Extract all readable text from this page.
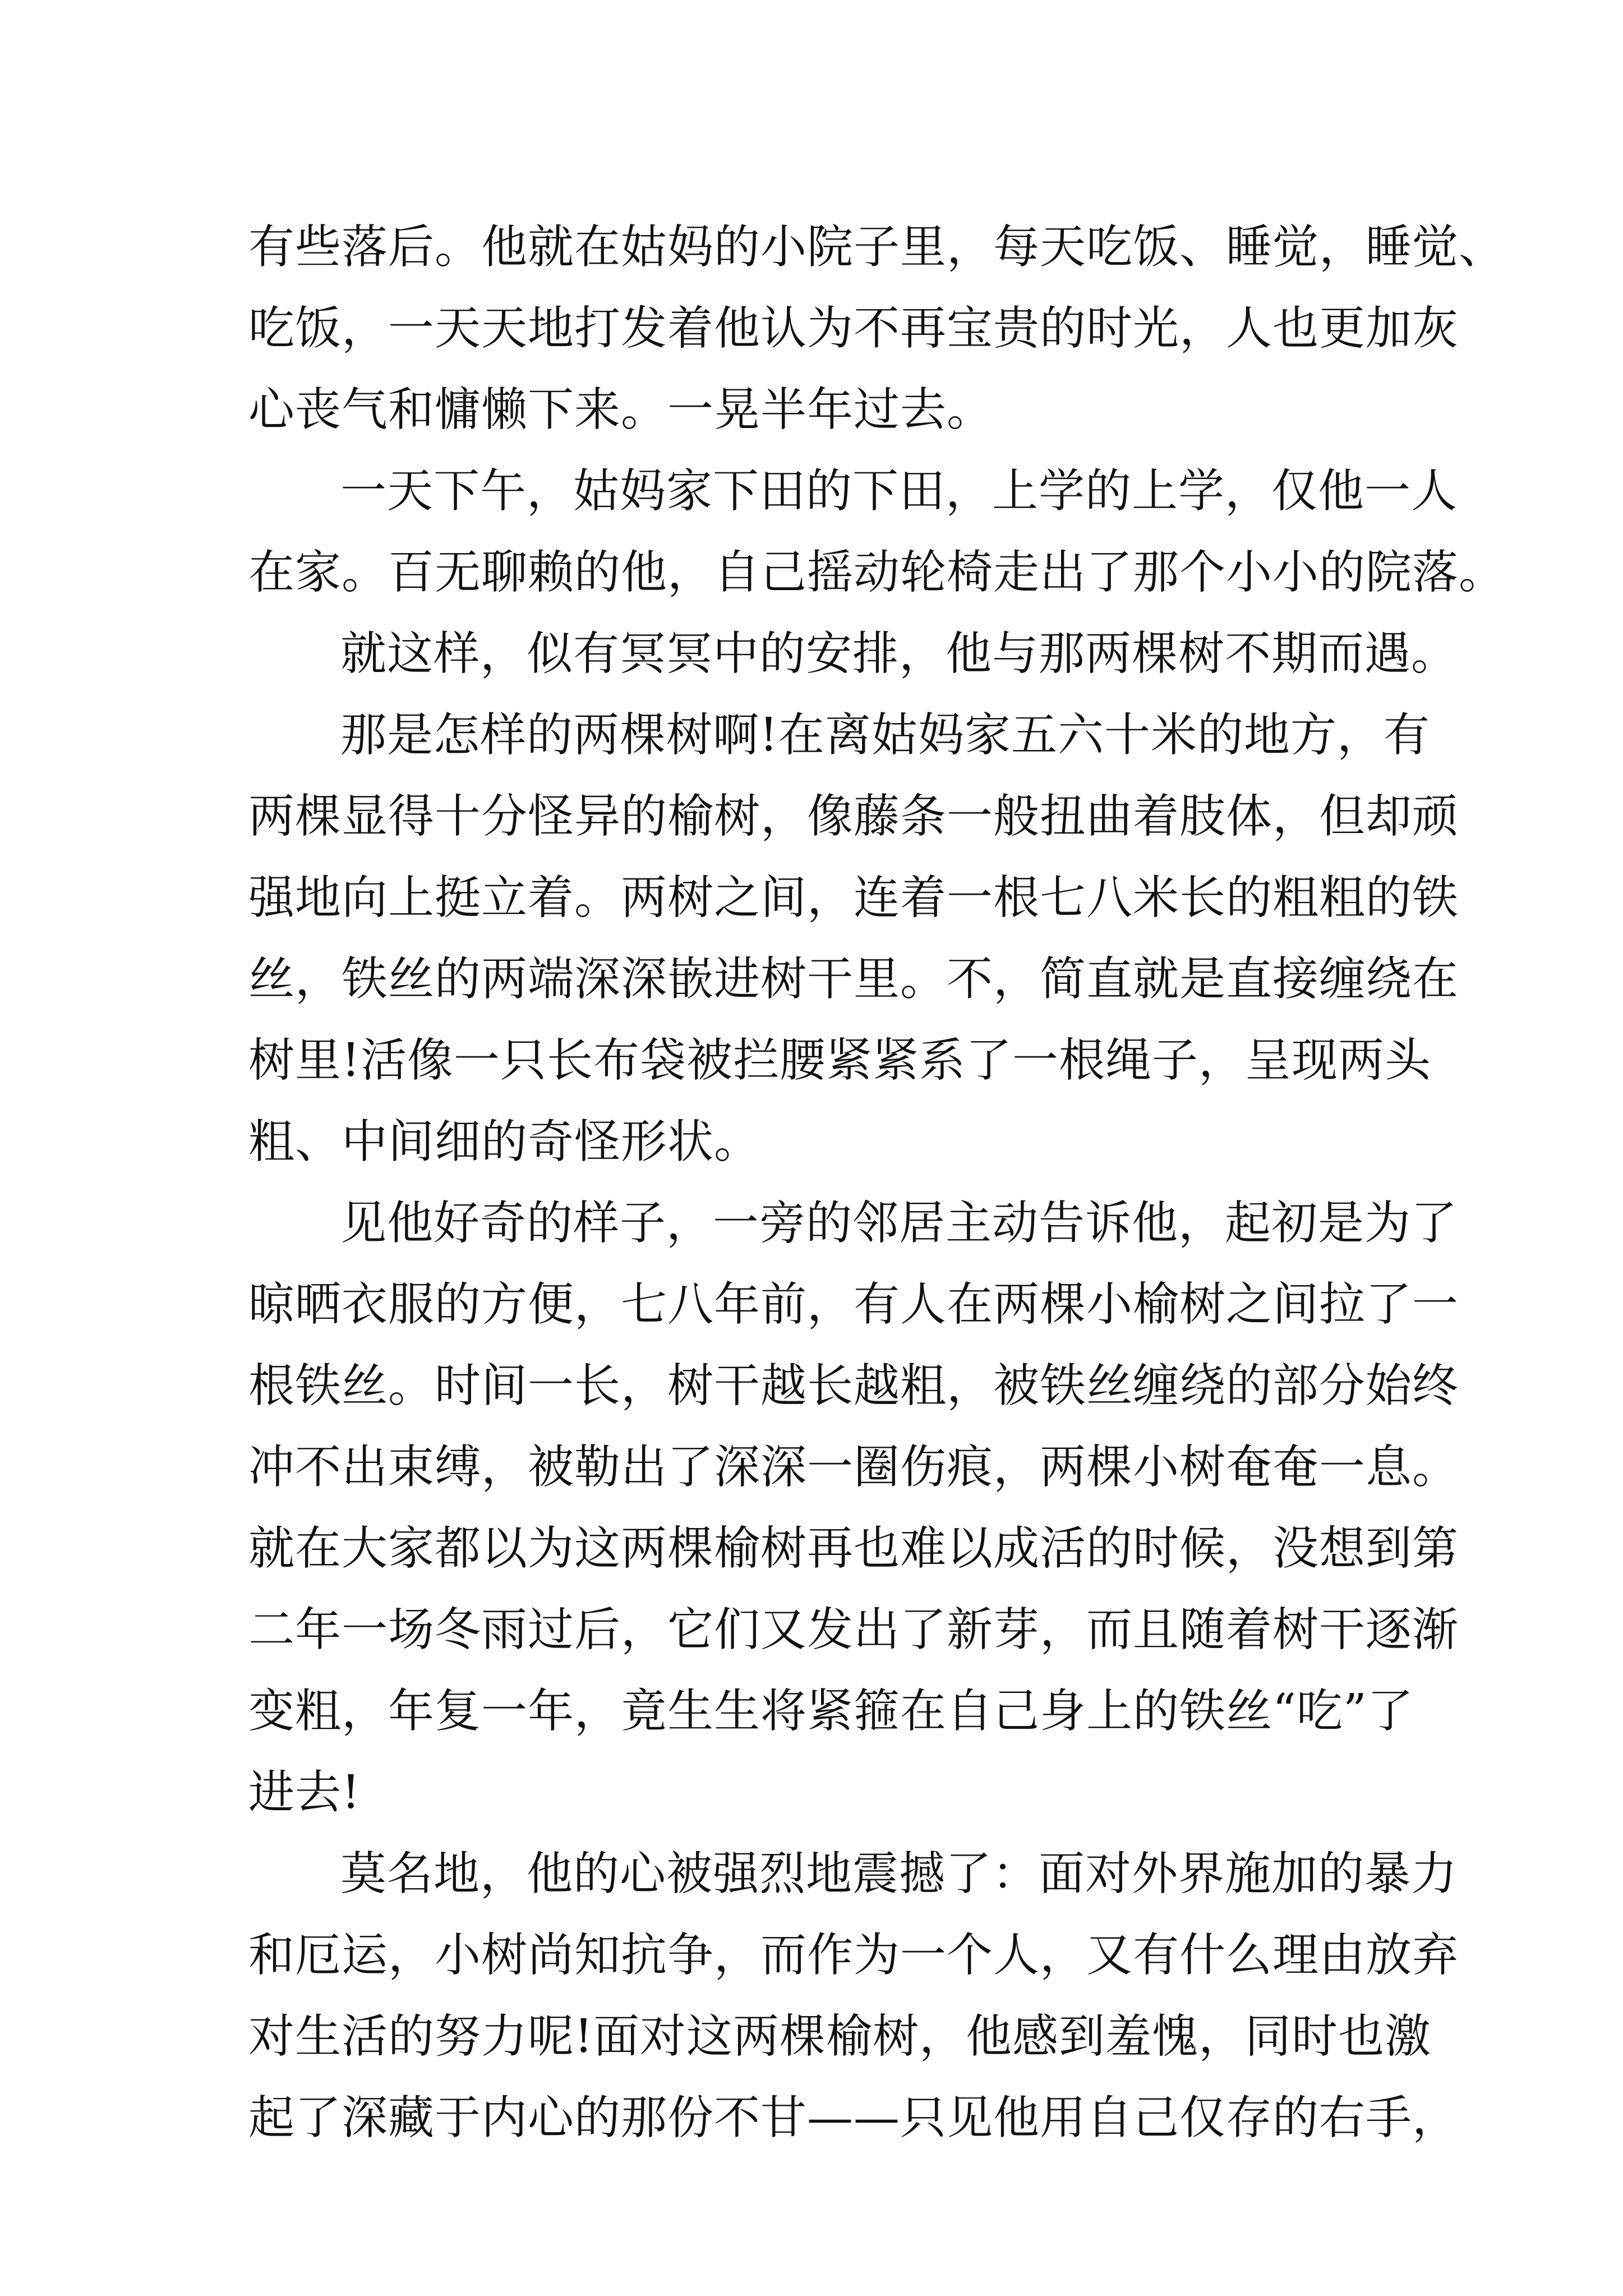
有些落后。他就在姑妈的小院子里，每天吃饭、睡觉，睡觉、
吃饭，一天天地打发着他认为不再宝贵的时光，人也更加灰
心丧气和慵懒下来。一晃半年过去。
一天下午，姑妈家下田的下田，上学的上学，仅他一人
在家。百无聊赖的他，自己摇动轮椅走出了那个小小的院落。
就这样，似有冥冥中的安排，他与那两棵树不期而遇。
那是怎样的两棵树啊!在离姑妈家五六十米的地方，有
两棵显得十分怪异的榆树，像藤条一般扭曲着肢体，但却顽
强地向上挺立着。两树之间，连着一根七八米长的粗粗的铁
丝，铁丝的两端深深嵌进树干里。不，简直就是直接缠绕在
树里!活像一只长布袋被拦腰紧紧系了一根绳子，呈现两头
粗、中间细的奇怪形状。
见他好奇的样子，一旁的邻居主动告诉他，起初是为了
晾晒衣服的方便，七八年前，有人在两棵小榆树之间拉了一
根铁丝。时间一长，树干越长越粗，被铁丝缠绕的部分始终
冲不出束缚，被勒出了深深一圈伤痕，两棵小树奄奄一息。
就在大家都以为这两棵榆树再也难以成活的时候，没想到第
二年一场冬雨过后，它们又发出了新芽，而且随着树干逐渐
变粗，年复一年，竟生生将紧箍在自己身上的铁丝“吃”了
进去!
莫名地，他的心被强烈地震撼了：面对外界施加的暴力
和厄运，小树尚知抗争，而作为一个人，又有什么理由放弃
对生活的努力呢!面对这两棵榆树，他感到羞愧，同时也激
起了深藏于内心的那份不甘——只见他用自己仅存的右手，
